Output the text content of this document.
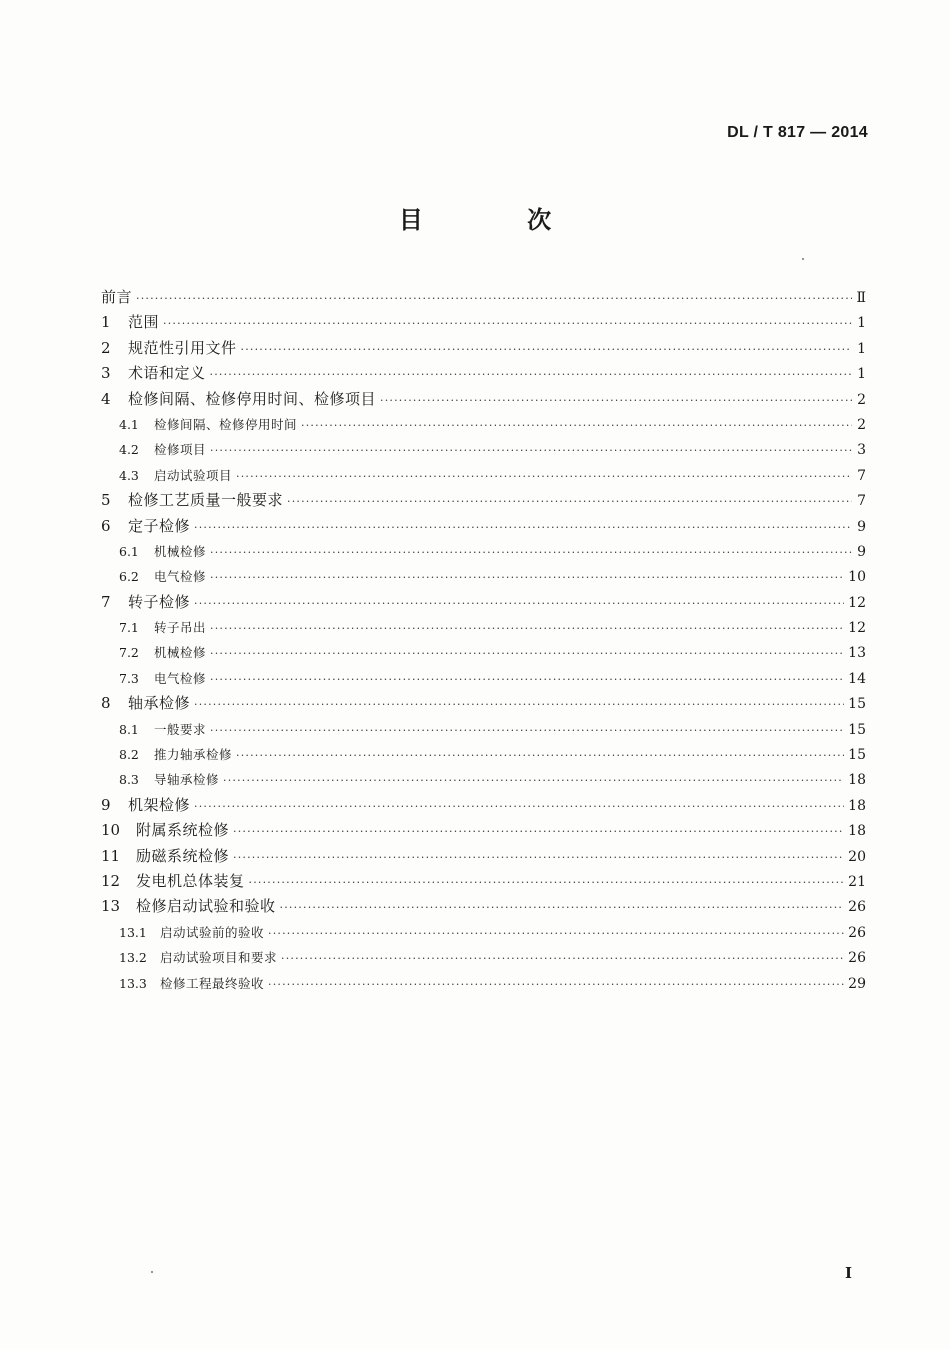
DL / T 817 — 2014
目 次
前言 ·····	Ⅱ
1	范围 ·····	1
2	规范性引用文件 ·····	1
3	术语和定义 ·····	1
4	检修间隔、检修停用时间、检修项目 ·····	2
4.1	检修间隔、检修停用时间 ·····	2
4.2	检修项目 ·····	3
4.3	启动试验项目 ·····	7
5	检修工艺质量一般要求 ·····	7
6	定子检修 ·····	9
6.1	机械检修 ·····	9
6.2	电气检修 ·····	10
7	转子检修 ·····	12
7.1	转子吊出 ·····	12
7.2	机械检修 ·····	13
7.3	电气检修 ·····	14
8	轴承检修 ·····	15
8.1	一般要求 ·····	15
8.2	推力轴承检修 ·····	15
8.3	导轴承检修 ·····	18
9	机架检修 ·····	18
10	附属系统检修 ·····	18
11	励磁系统检修 ·····	20
12	发电机总体装复 ·····	21
13	检修启动试验和验收 ·····	26
13.1	启动试验前的验收 ·····	26
13.2	启动试验项目和要求 ·····	26
13.3	检修工程最终验收 ·····	29
I
